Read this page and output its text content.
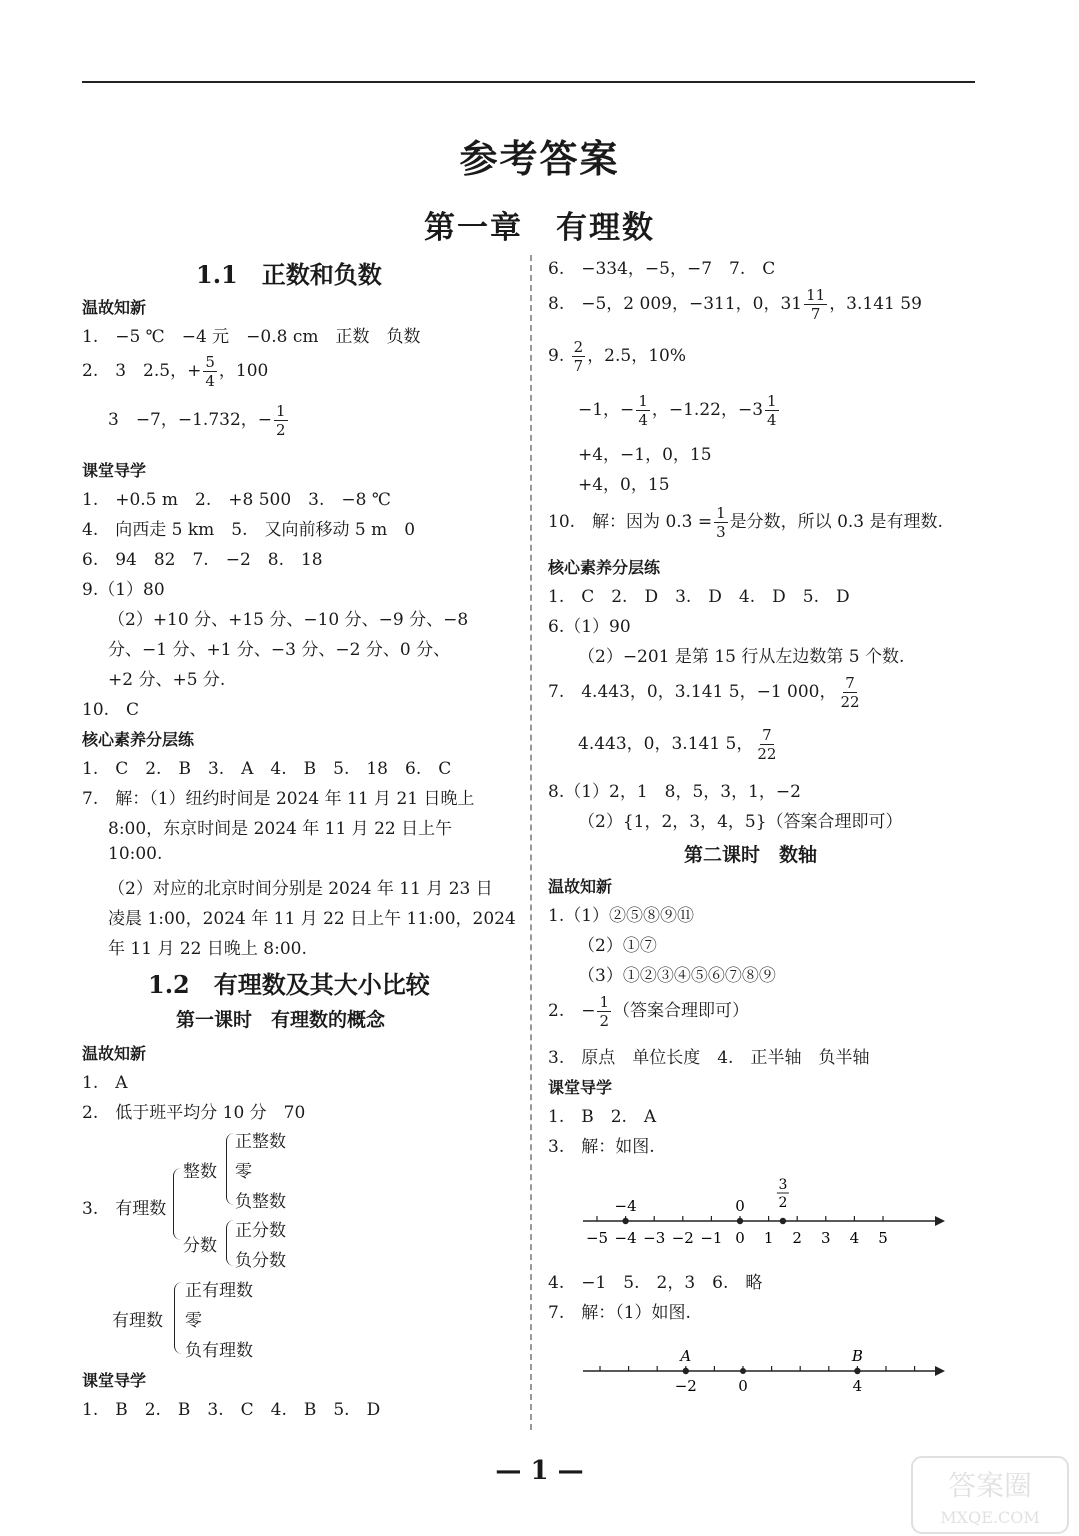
参考答案
第一章　有理数
1.1　正数和负数
温故知新
1.　−5 ℃　−4 元　−0.8 cm　正数　负数
2.　3　2.5，+ $\frac{5}{4}$ ，100
3　−7，−1.732，− $\frac{1}{2}$
课堂导学
1.　+0.5 m　2.　+8 500　3.　−8 ℃
4.　向西走 5 km　5.　又向前移动 5 m　0
6.　94　82　7.　−2　8.　18
9.（1）80
（2）+10 分、+15 分、−10 分、−9 分、−8
分、−1 分、+1 分、−3 分、−2 分、0 分、
+2 分、+5 分.
10.　C
核心素养分层练
1.　C　2.　B　3.　A　4.　B　5.　18　6.　C
7.　解：（1）纽约时间是 2024 年 11 月 21 日晚上
8:00，东京时间是 2024 年 11 月 22 日上午
10:00.
（2）对应的北京时间分别是 2024 年 11 月 23 日
凌晨 1:00，2024 年 11 月 22 日上午 11:00，2024
年 11 月 22 日晚上 8:00.
1.2　有理数及其大小比较
第一课时　有理数的概念
温故知新
1.　A
2.　低于班平均分 10 分　70
3.　有理数
整数
分数
正整数
零
负整数
正分数
负分数
有理数
正有理数
零
负有理数
课堂导学
1.　B　2.　B　3.　C　4.　B　5.　D
6.　−334，−5，−7　7.　C
8.　−5，2 009，−311，0，$31 \frac{11}{7}$ ，3.141 59
9. $\frac{2}{7}$ ，2.5，10%
−1，− $\frac{1}{4}$ ，−1.22，$-3 \frac{1}{4}$
+4，−1，0，15
+4，0，15
10.　解：因为 0.3̇ = $\frac{1}{3}$ 是分数，所以 0.3̇ 是有理数.
核心素养分层练
1.　C　2.　D　3.　D　4.　D　5.　D
6.（1）90
（2）−201 是第 15 行从左边数第 5 个数.
7.　4.443，0，3.141 5，−1 000， $\frac{7}{22}$
4.443，0，3.141 5， $\frac{7}{22}$
8.（1）2，1　8，5，3，1，−2
（2）{1，2，3，4，5}（答案合理即可）
第二课时　数轴
温故知新
1.（1）②⑤⑧⑨⑪
（2）①⑦
（3）①②③④⑤⑥⑦⑧⑨
2.　− $\frac{1}{2}$ （答案合理即可）
3.　原点　单位长度　4.　正半轴　负半轴
课堂导学
1.　B　2.　A
3.　解：如图.
−5 −4 −3 −2 −1 0 1 2 3 4 5
−4	0
3
2
4.　−1　5.　2，3　6.　略
7.　解：（1）如图.
−2	0	4
A	B
— 1 —	答案圈
MXQE.COM
